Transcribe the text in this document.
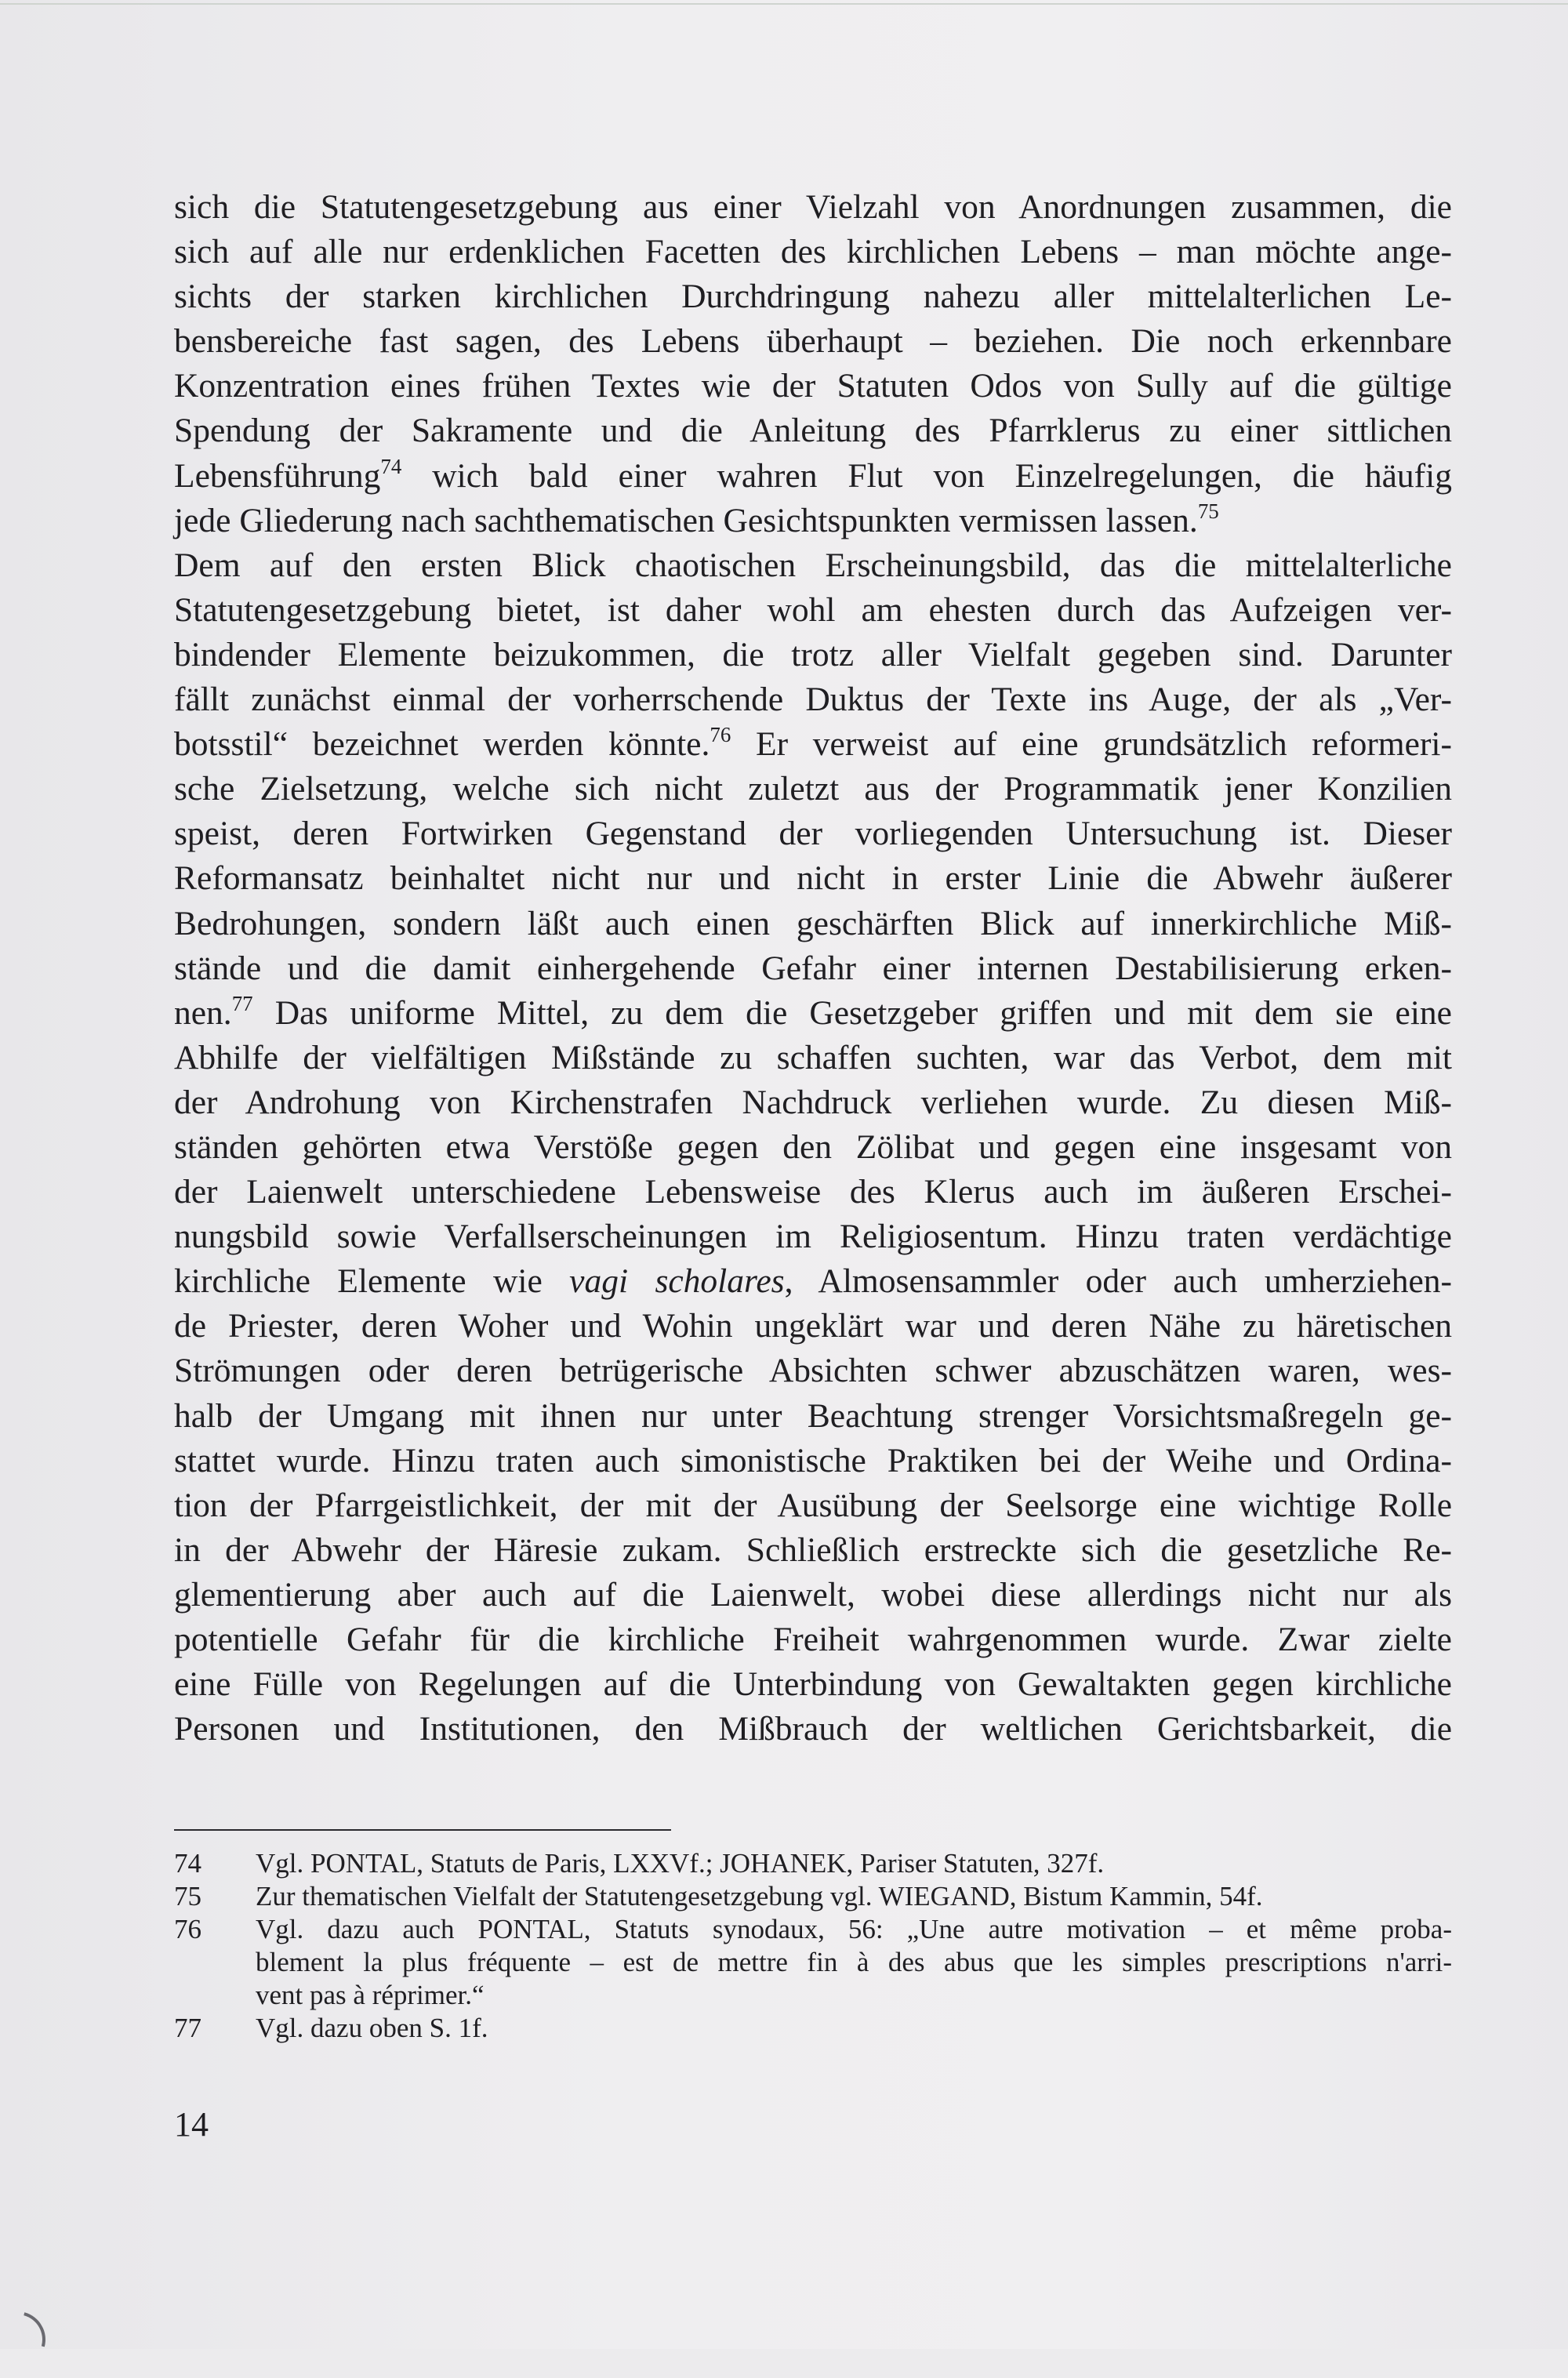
sich die Statutengesetzgebung aus einer Vielzahl von Anordnungen zusammen, die
sich auf alle nur erdenklichen Facetten des kirchlichen Lebens – man möchte ange-
sichts der starken kirchlichen Durchdringung nahezu aller mittelalterlichen Le-
bensbereiche fast sagen, des Lebens überhaupt – beziehen. Die noch erkennbare
Konzentration eines frühen Textes wie der Statuten Odos von Sully auf die gültige
Spendung der Sakramente und die Anleitung des Pfarrklerus zu einer sittlichen
Lebensführung$^{74}$ wich bald einer wahren Flut von Einzelregelungen, die häufig
jede Gliederung nach sachthematischen Gesichtspunkten vermissen lassen.$^{75}$

Dem auf den ersten Blick chaotischen Erscheinungsbild, das die mittelalterliche
Statutengesetzgebung bietet, ist daher wohl am ehesten durch das Aufzeigen ver-
bindender Elemente beizukommen, die trotz aller Vielfalt gegeben sind. Darunter
fällt zunächst einmal der vorherrschende Duktus der Texte ins Auge, der als „Ver-
botsstil“ bezeichnet werden könnte.$^{76}$ Er verweist auf eine grundsätzlich reformeri-
sche Zielsetzung, welche sich nicht zuletzt aus der Programmatik jener Konzilien
speist, deren Fortwirken Gegenstand der vorliegenden Untersuchung ist. Dieser
Reformansatz beinhaltet nicht nur und nicht in erster Linie die Abwehr äußerer
Bedrohungen, sondern läßt auch einen geschärften Blick auf innerkirchliche Miß-
stände und die damit einhergehende Gefahr einer internen Destabilisierung erken-
nen.$^{77}$ Das uniforme Mittel, zu dem die Gesetzgeber griffen und mit dem sie eine
Abhilfe der vielfältigen Mißstände zu schaffen suchten, war das Verbot, dem mit
der Androhung von Kirchenstrafen Nachdruck verliehen wurde. Zu diesen Miß-
ständen gehörten etwa Verstöße gegen den Zölibat und gegen eine insgesamt von
der Laienwelt unterschiedene Lebensweise des Klerus auch im äußeren Erschei-
nungsbild sowie Verfallserscheinungen im Religiosentum. Hinzu traten verdächtige
kirchliche Elemente wie vagi scholares, Almosensammler oder auch umherziehen-
de Priester, deren Woher und Wohin ungeklärt war und deren Nähe zu häretischen
Strömungen oder deren betrügerische Absichten schwer abzuschätzen waren, wes-
halb der Umgang mit ihnen nur unter Beachtung strenger Vorsichtsmaßregeln ge-
stattet wurde. Hinzu traten auch simonistische Praktiken bei der Weihe und Ordina-
tion der Pfarrgeistlichkeit, der mit der Ausübung der Seelsorge eine wichtige Rolle
in der Abwehr der Häresie zukam. Schließlich erstreckte sich die gesetzliche Re-
glementierung aber auch auf die Laienwelt, wobei diese allerdings nicht nur als
potentielle Gefahr für die kirchliche Freiheit wahrgenommen wurde. Zwar zielte
eine Fülle von Regelungen auf die Unterbindung von Gewaltakten gegen kirchliche
Personen und Institutionen, den Mißbrauch der weltlichen Gerichtsbarkeit, die

74	Vgl. PONTAL, Statuts de Paris, LXXVf.; JOHANEK, Pariser Statuten, 327f.
75	Zur thematischen Vielfalt der Statutengesetzgebung vgl. WIEGAND, Bistum Kammin, 54f.
76	Vgl. dazu auch PONTAL, Statuts synodaux, 56: „Une autre motivation – et même proba-
blement la plus fréquente – est de mettre fin à des abus que les simples prescriptions n'arri-
vent pas à réprimer.“
77	Vgl. dazu oben S. 1f.
14
